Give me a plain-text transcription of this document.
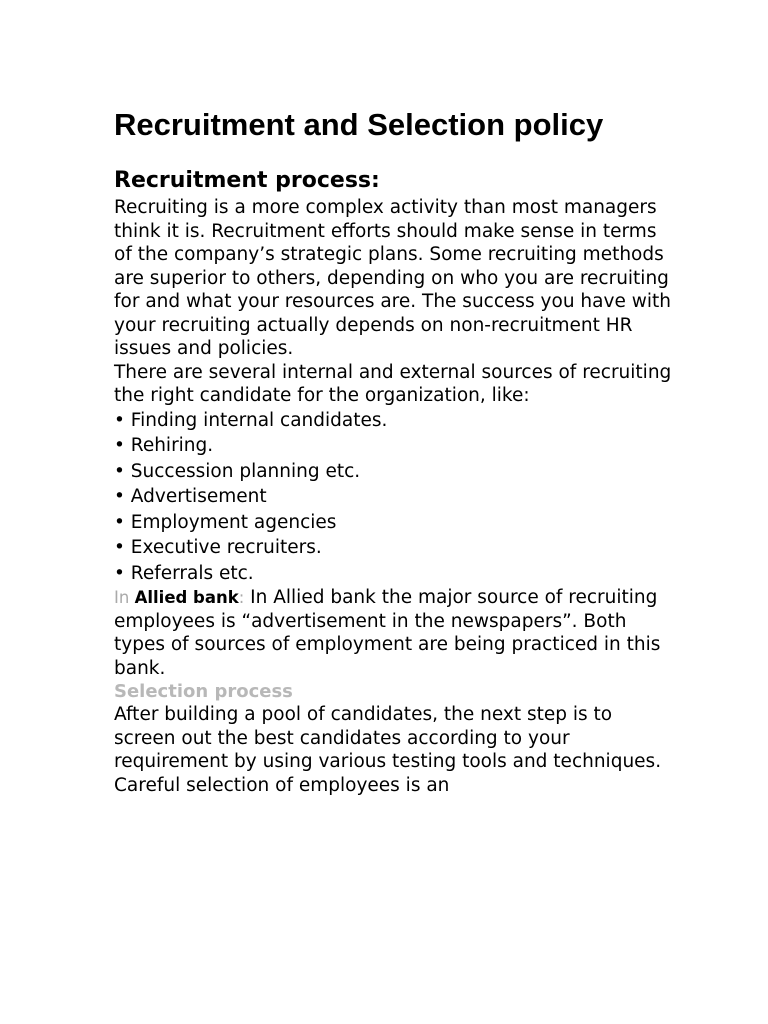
Recruitment and Selection policy
Recruitment process:

Recruiting is a more complex activity than most managers think it is. Recruitment efforts should make sense in terms of the company’s strategic plans. Some recruiting methods are superior to others, depending on who you are recruiting for and what your resources are. The success you have with your recruiting actually depends on non-recruitment HR issues and policies.

There are several internal and external sources of recruiting the right candidate for the organization, like:

• Finding internal candidates.
• Rehiring.
• Succession planning etc.
• Advertisement
• Employment agencies
• Executive recruiters.
• Referrals etc.

In Allied bank: In Allied bank the major source of recruiting
employees is “advertisement in the newspapers”. Both types of sources of employment are being practiced in this bank.

Selection process

After building a pool of candidates, the next step is to screen out the best candidates according to your requirement by using various testing tools and techniques. Careful selection of employees is an
